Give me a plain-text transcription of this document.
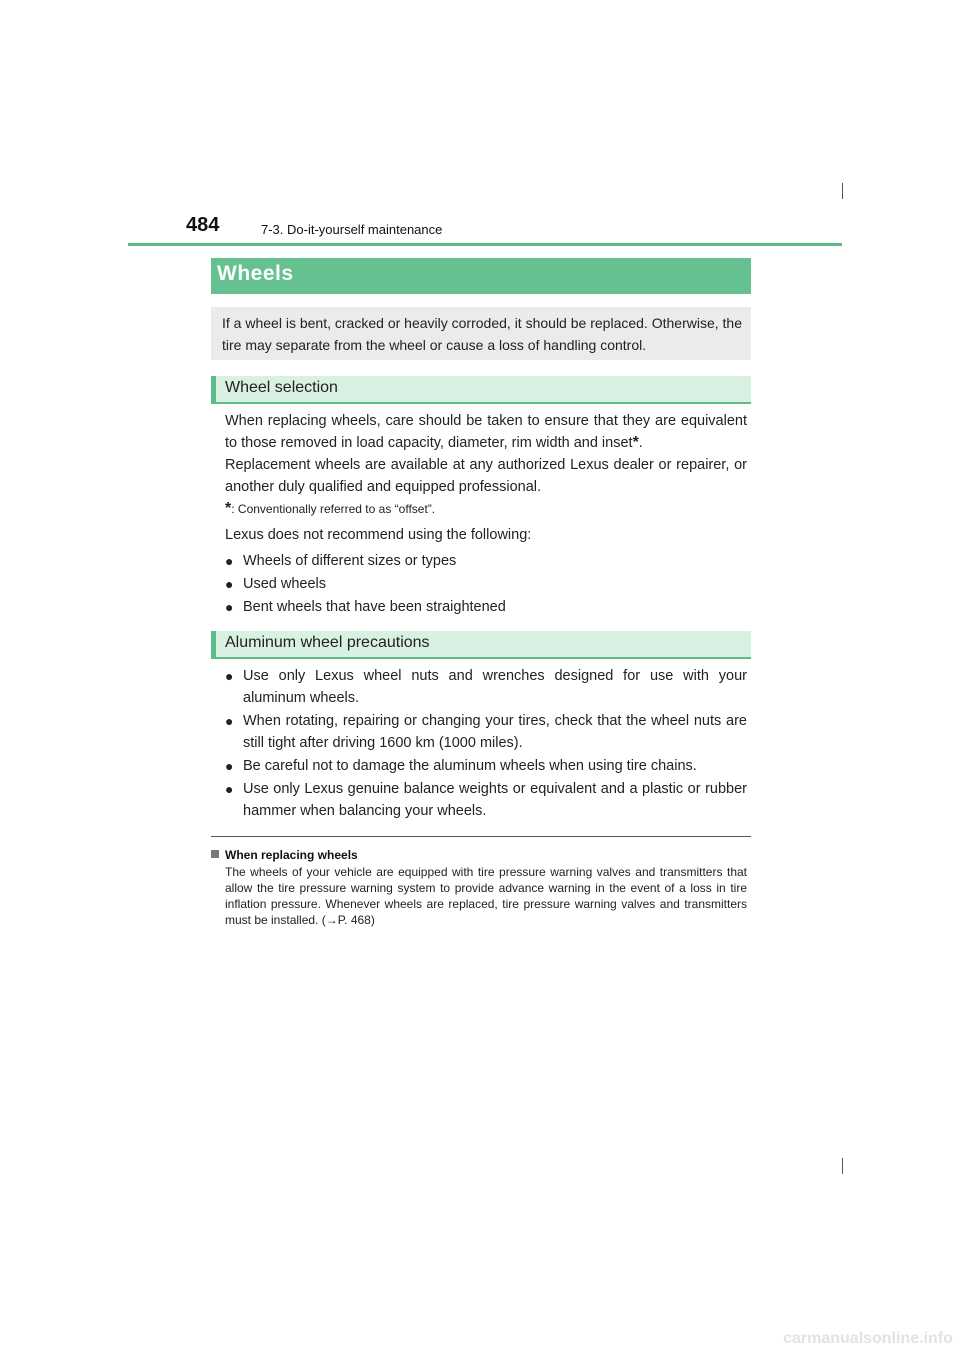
484	7-3. Do-it-yourself maintenance
Wheels

If a wheel is bent, cracked or heavily corroded, it should be replaced. Otherwise, the tire may separate from the wheel or cause a loss of handling control.

Wheel selection

When replacing wheels, care should be taken to ensure that they are equivalent to those removed in load capacity, diameter, rim width and inset*.

Replacement wheels are available at any authorized Lexus dealer or repairer, or another duly qualified and equipped professional.

*: Conventionally referred to as “offset”.

Lexus does not recommend using the following:

● Wheels of different sizes or types
● Used wheels
● Bent wheels that have been straightened
Aluminum wheel precautions
● Use only Lexus wheel nuts and wrenches designed for use with your aluminum wheels.
● When rotating, repairing or changing your tires, check that the wheel nuts are still tight after driving 1600 km (1000 miles).
● Be careful not to damage the aluminum wheels when using tire chains.
● Use only Lexus genuine balance weights or equivalent and a plastic or rubber hammer when balancing your wheels.
When replacing wheels

The wheels of your vehicle are equipped with tire pressure warning valves and transmitters that allow the tire pressure warning system to provide advance warning in the event of a loss in tire inflation pressure. Whenever wheels are replaced, tire pressure warning valves and transmitters must be installed. (→P. 468)

carmanualsonline.info
